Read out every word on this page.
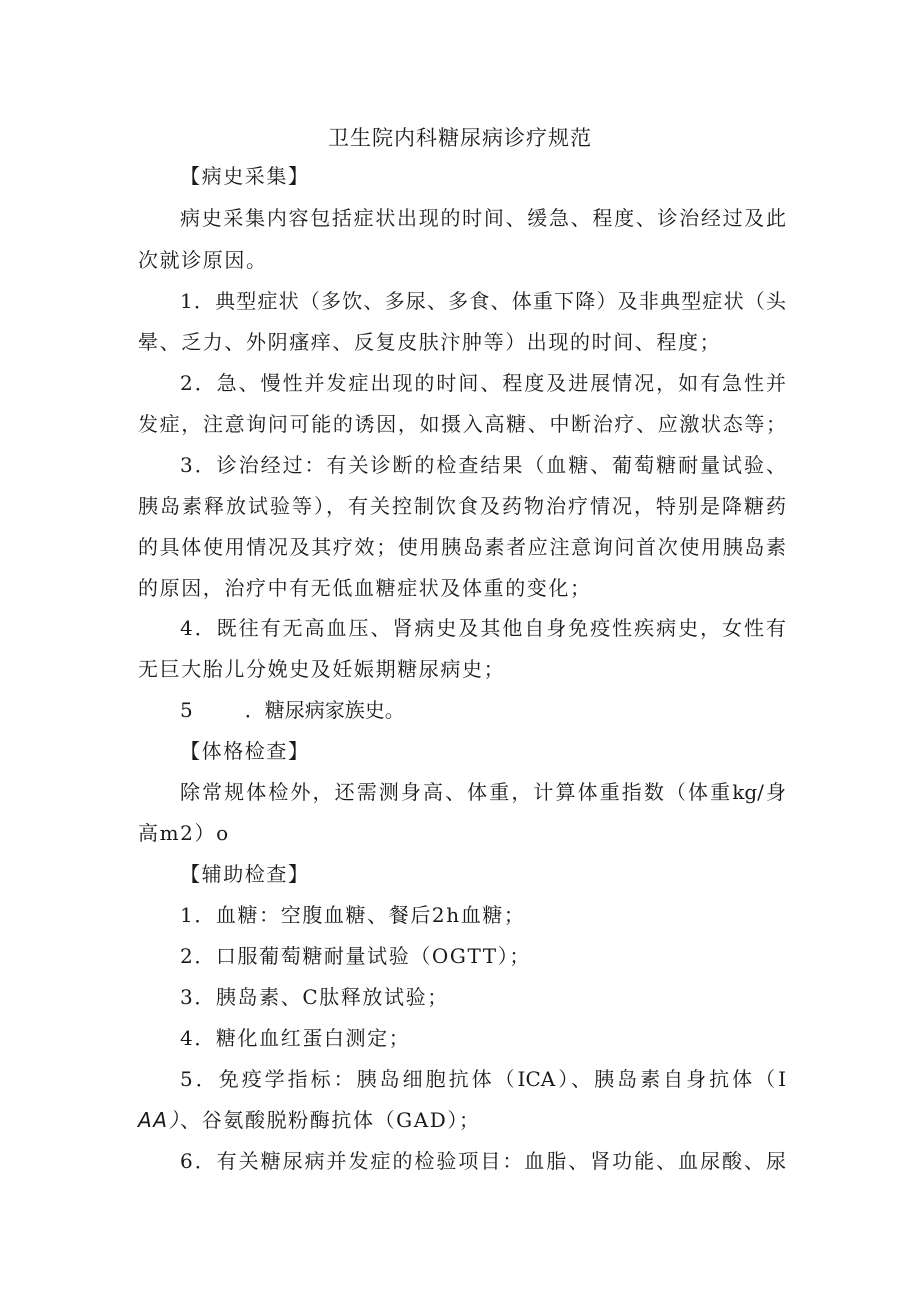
卫生院内科糖尿病诊疗规范
【病史采集】
病史采集内容包括症状出现的时间、缓急、程度、诊治经过及此
次就诊原因。
1．典型症状（多饮、多尿、多食、体重下降）及非典型症状（头
晕、乏力、外阴瘙痒、反复皮肤汴肿等）出现的时间、程度；
2．急、慢性并发症出现的时间、程度及进展情况，如有急性并
发症，注意询问可能的诱因，如摄入高糖、中断治疗、应激状态等；
3．诊治经过：有关诊断的检查结果（血糖、葡萄糖耐量试验、
胰岛素释放试验等），有关控制饮食及药物治疗情况，特别是降糖药
的具体使用情况及其疗效；使用胰岛素者应注意询问首次使用胰岛素
的原因，治疗中有无低血糖症状及体重的变化；
4．既往有无高血压、肾病史及其他自身免疫性疾病史，女性有
无巨大胎儿分娩史及妊娠期糖尿病史；
5	．糖尿病家族史。
【体格检查】
除常规体检外，还需测身高、体重，计算体重指数（体重kg/身
高m2）o
【辅助检查】
1．血糖：空腹血糖、餐后2h血糖；
2．口服葡萄糖耐量试验（OGTT）；
3．胰岛素、C肽释放试验；
4．糖化血红蛋白测定；
5．免疫学指标：胰岛细胞抗体（ICA）、胰岛素自身抗体（I
AA）、谷氨酸脱粉酶抗体（GAD）；
6．有关糖尿病并发症的检验项目：血脂、肾功能、血尿酸、尿
